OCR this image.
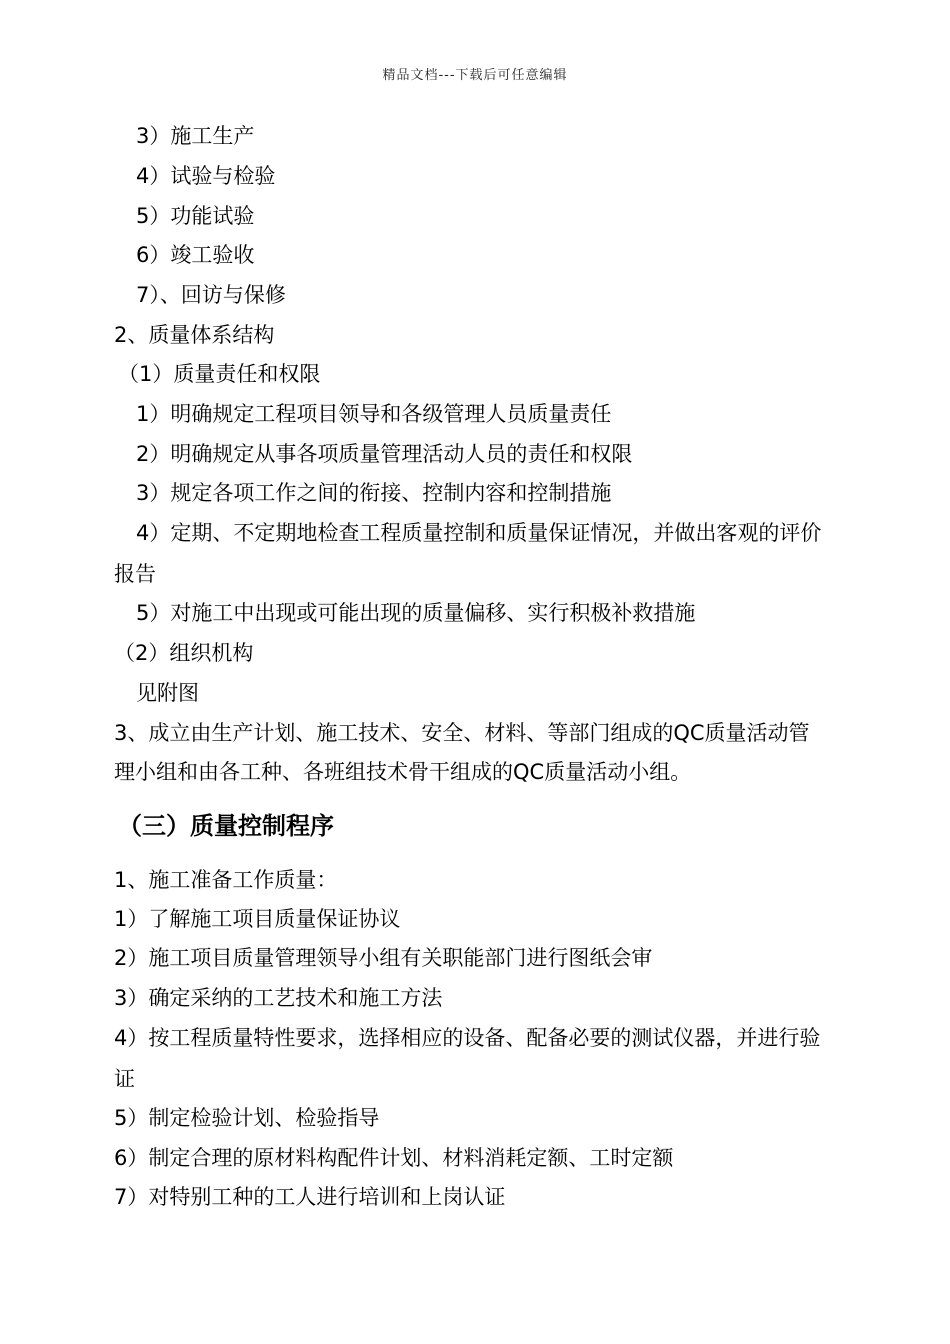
精品文档---下载后可任意编辑
3）施工生产
4）试验与检验
5）功能试验
6）竣工验收
7）、回访与保修
2、质量体系结构
（1）质量责任和权限
1）明确规定工程项目领导和各级管理人员质量责任
2）明确规定从事各项质量管理活动人员的责任和权限
3）规定各项工作之间的衔接、控制内容和控制措施
4）定期、不定期地检查工程质量控制和质量保证情况，并做出客观的评价
报告
5）对施工中出现或可能出现的质量偏移、实行积极补救措施
（2）组织机构
见附图
3、成立由生产计划、施工技术、安全、材料、等部门组成的QC质量活动管
理小组和由各工种、各班组技术骨干组成的QC质量活动小组。
（三）质量控制程序
1、施工准备工作质量：
1）了解施工项目质量保证协议
2）施工项目质量管理领导小组有关职能部门进行图纸会审
3）确定采纳的工艺技术和施工方法
4）按工程质量特性要求，选择相应的设备、配备必要的测试仪器，并进行验
证
5）制定检验计划、检验指导
6）制定合理的原材料构配件计划、材料消耗定额、工时定额
7）对特别工种的工人进行培训和上岗认证
